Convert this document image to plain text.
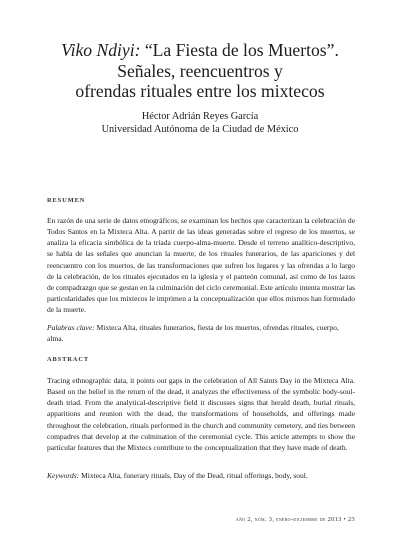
Viko Ndiyi: “La Fiesta de los Muertos”.
Señales, reencuentros y
ofrendas rituales entre los mixtecos
Héctor Adrián Reyes García
Universidad Autónoma de la Ciudad de México
RESUMEN

En razón de una serie de datos etnográficos, se examinan los hechos que caracterizan la celebración de Todos Santos en la Mixteca Alta. A partir de las ideas generadas sobre el regreso de los muertos, se analiza la eficacia simbólica de la tríada cuerpo-alma-muerte. Desde el terreno analítico-descriptivo, se habla de las señales que anuncian la muerte, de los rituales funerarios, de las apariciones y del reencuentro con los muertos, de las transformaciones que sufren los lugares y las ofrendas a lo largo de la celebración, de los rituales ejecutados en la iglesia y el panteón comunal, así como de los lazos de compadrazgo que se gestan en la culminación del ciclo ceremonial. Este artículo intenta mostrar las particularidades que los mixtecos le imprimen a la conceptualización que ellos mismos han formulado de la muerte.

Palabras clave: Mixteca Alta, rituales funerarios, fiesta de los muertos, ofrendas rituales, cuerpo, alma.

ABSTRACT

Tracing ethnographic data, it points out gaps in the celebration of All Saints Day in the Mixteca Alta. Based on the belief in the return of the dead, it analyzes the effectiveness of the symbolic body-soul-death triad. From the analytical-descriptive field it discusses signs that herald death, burial rituals, apparitions and reunion with the dead, the transformations of households, and offerings made throughout the celebration, rituals performed in the church and community cemetery, and ties between compadres that develop at the culmination of the ceremonial cycle. This article attempts to show the particular features that the Mixtecs contribute to the conceptualization that they have made of death.

Keywords: Mixteca Alta, funerary rituals, Day of the Dead, ritual offerings, body, soul.

año 2, núm. 3, enero-diciembre de 2013 • 23
